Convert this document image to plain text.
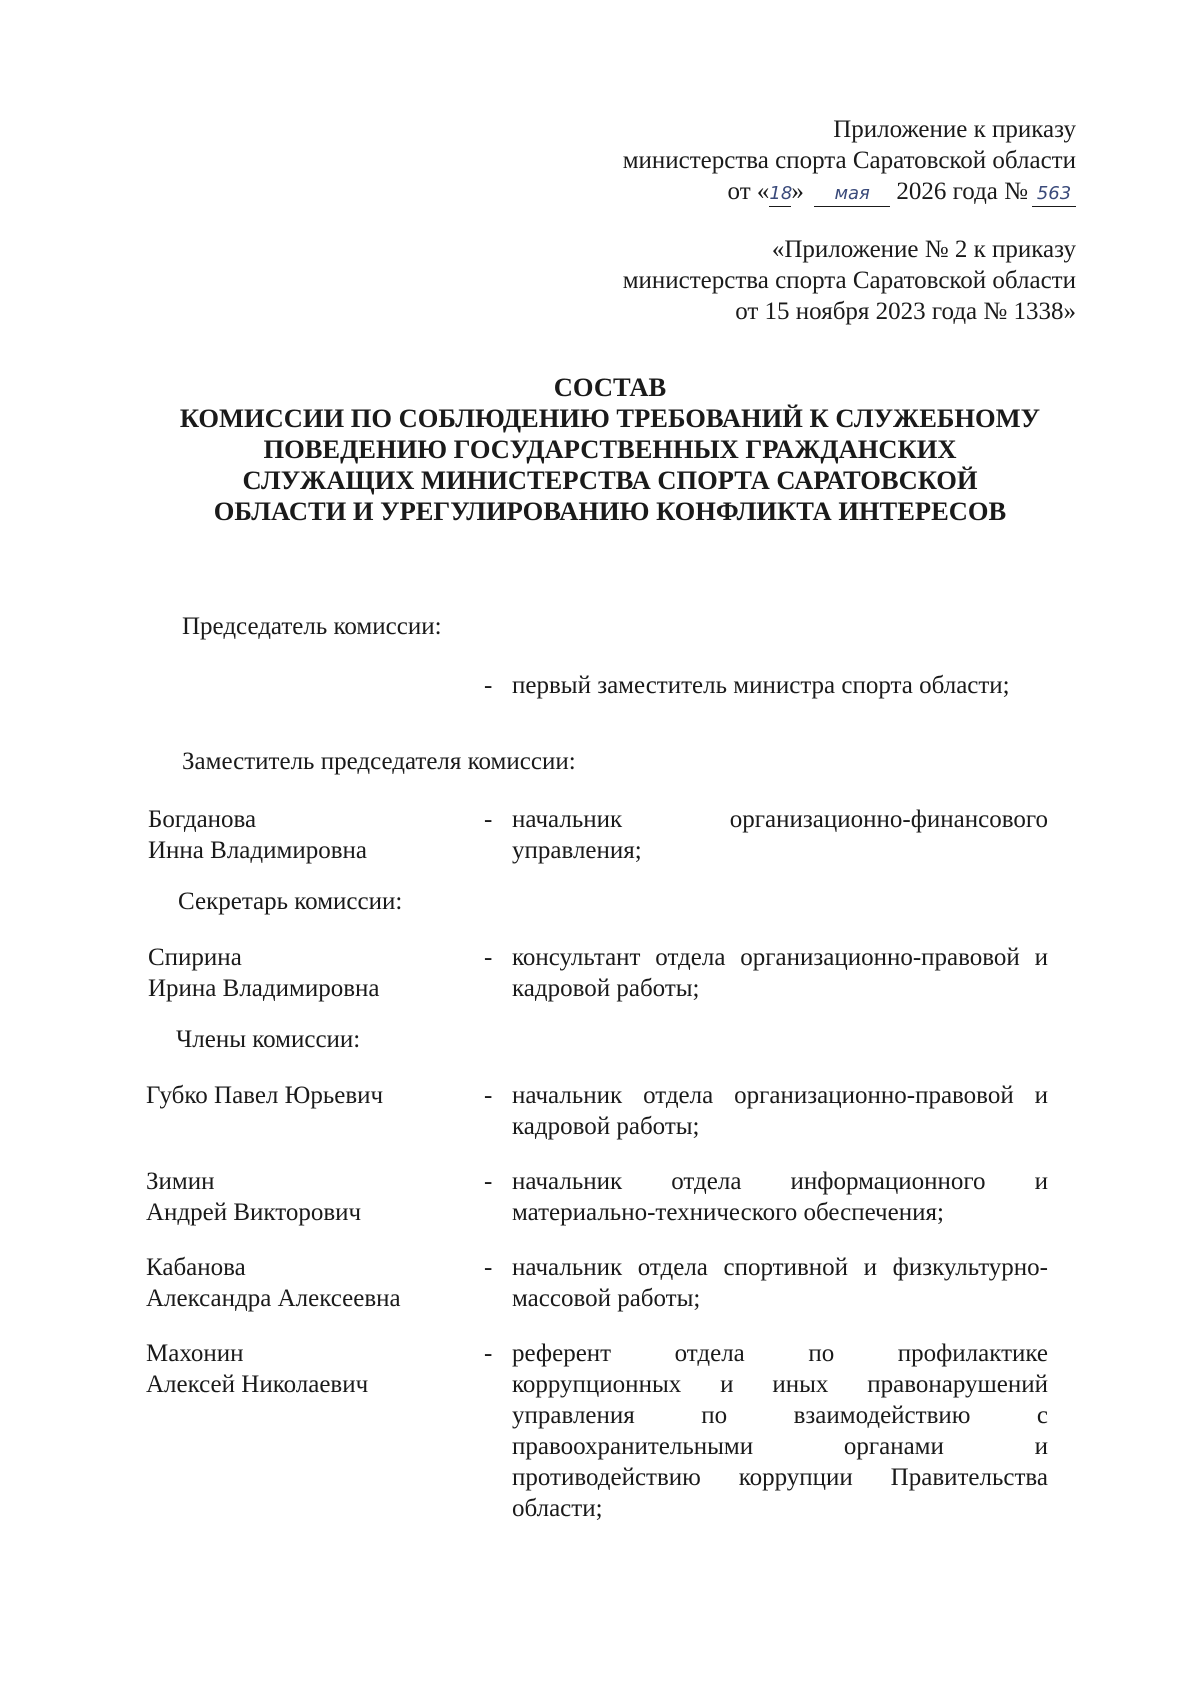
Приложение к приказу
министерства спорта Саратовской области
от «18» мая 2026 года № 563
«Приложение № 2 к приказу
министерства спорта Саратовской области
от 15 ноября 2023 года № 1338»
СОСТАВ
КОМИССИИ ПО СОБЛЮДЕНИЮ ТРЕБОВАНИЙ К СЛУЖЕБНОМУ
ПОВЕДЕНИЮ ГОСУДАРСТВЕННЫХ ГРАЖДАНСКИХ
СЛУЖАЩИХ МИНИСТЕРСТВА СПОРТА САРАТОВСКОЙ
ОБЛАСТИ И УРЕГУЛИРОВАНИЮ КОНФЛИКТА ИНТЕРЕСОВ
Председатель комиссии:
- первый заместитель министра спорта области;
Заместитель председателя комиссии:
Богданова
Инна Владимировна
- начальник организационно-финансового управления;
Секретарь комиссии:
Спирина
Ирина Владимировна
- консультант отдела организационно-правовой и кадровой работы;
Члены комиссии:
Губко Павел Юрьевич	- начальник отдела организационно-правовой и кадровой работы;
Зимин
Андрей Викторович
- начальник отдела информационного и материально-технического обеспечения;
Кабанова
Александра Алексеевна
- начальник отдела спортивной и физкультурно-массовой работы;
Махонин
Алексей Николаевич
- референт отдела по профилактике коррупционных и иных правонарушений управления по взаимодействию с правоохранительными органами и противодействию коррупции Правительства области;
